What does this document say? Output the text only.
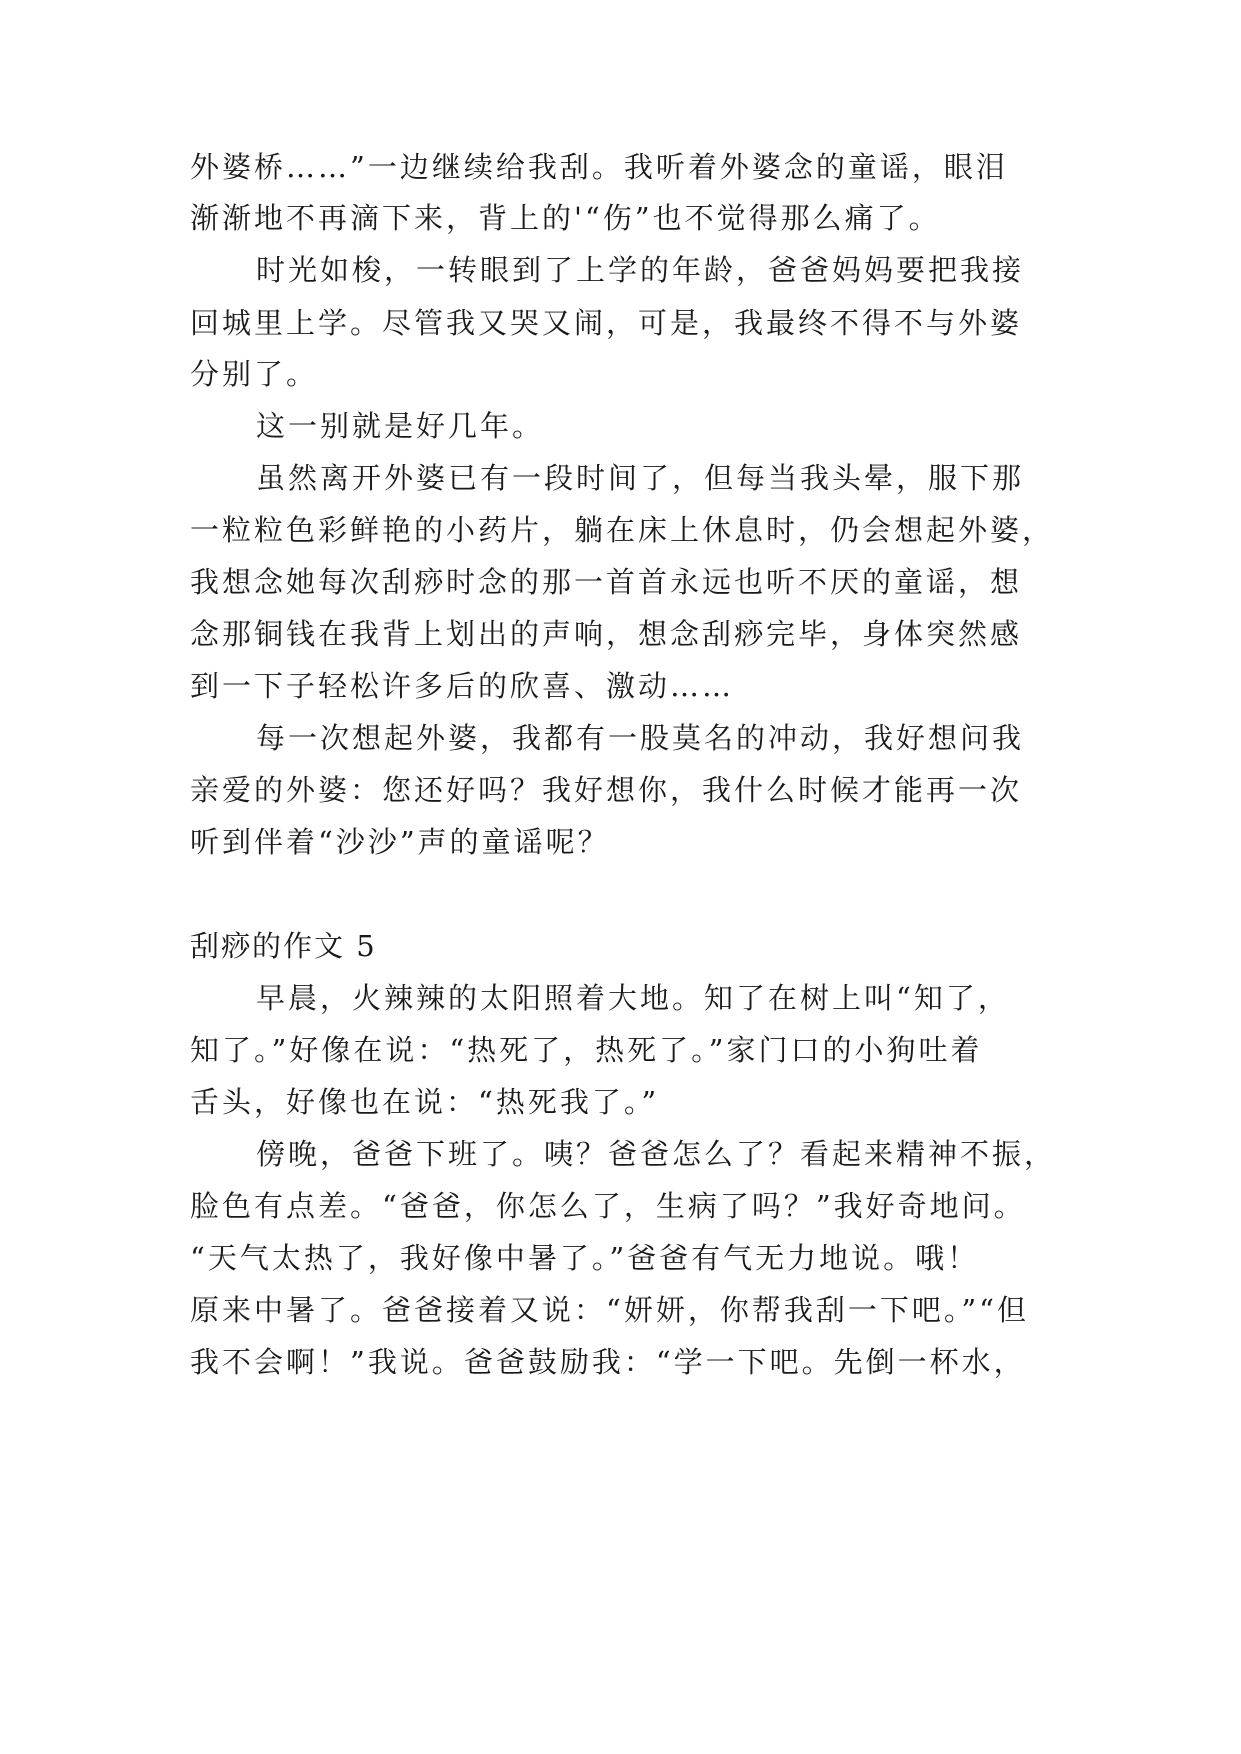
外婆桥……”一边继续给我刮。我听着外婆念的童谣，眼泪

渐渐地不再滴下来，背上的'“伤”也不觉得那么痛了。

时光如梭，一转眼到了上学的年龄，爸爸妈妈要把我接

回城里上学。尽管我又哭又闹，可是，我最终不得不与外婆

分别了。

这一别就是好几年。

虽然离开外婆已有一段时间了，但每当我头晕，服下那

一粒粒色彩鲜艳的小药片，躺在床上休息时，仍会想起外婆，

我想念她每次刮痧时念的那一首首永远也听不厌的童谣，想

念那铜钱在我背上划出的声响，想念刮痧完毕，身体突然感

到一下子轻松许多后的欣喜、激动……

每一次想起外婆，我都有一股莫名的冲动，我好想问我

亲爱的外婆：您还好吗？我好想你，我什么时候才能再一次

听到伴着“沙沙”声的童谣呢？

刮痧的作文 5

早晨，火辣辣的太阳照着大地。知了在树上叫“知了，

知了。”好像在说：“热死了，热死了。”家门口的小狗吐着

舌头，好像也在说：“热死我了。”

傍晚，爸爸下班了。咦？爸爸怎么了？看起来精神不振，

脸色有点差。“爸爸，你怎么了，生病了吗？”我好奇地问。

“天气太热了，我好像中暑了。”爸爸有气无力地说。哦！

原来中暑了。爸爸接着又说：“妍妍，你帮我刮一下吧。”“但

我不会啊！”我说。爸爸鼓励我：“学一下吧。先倒一杯水，
